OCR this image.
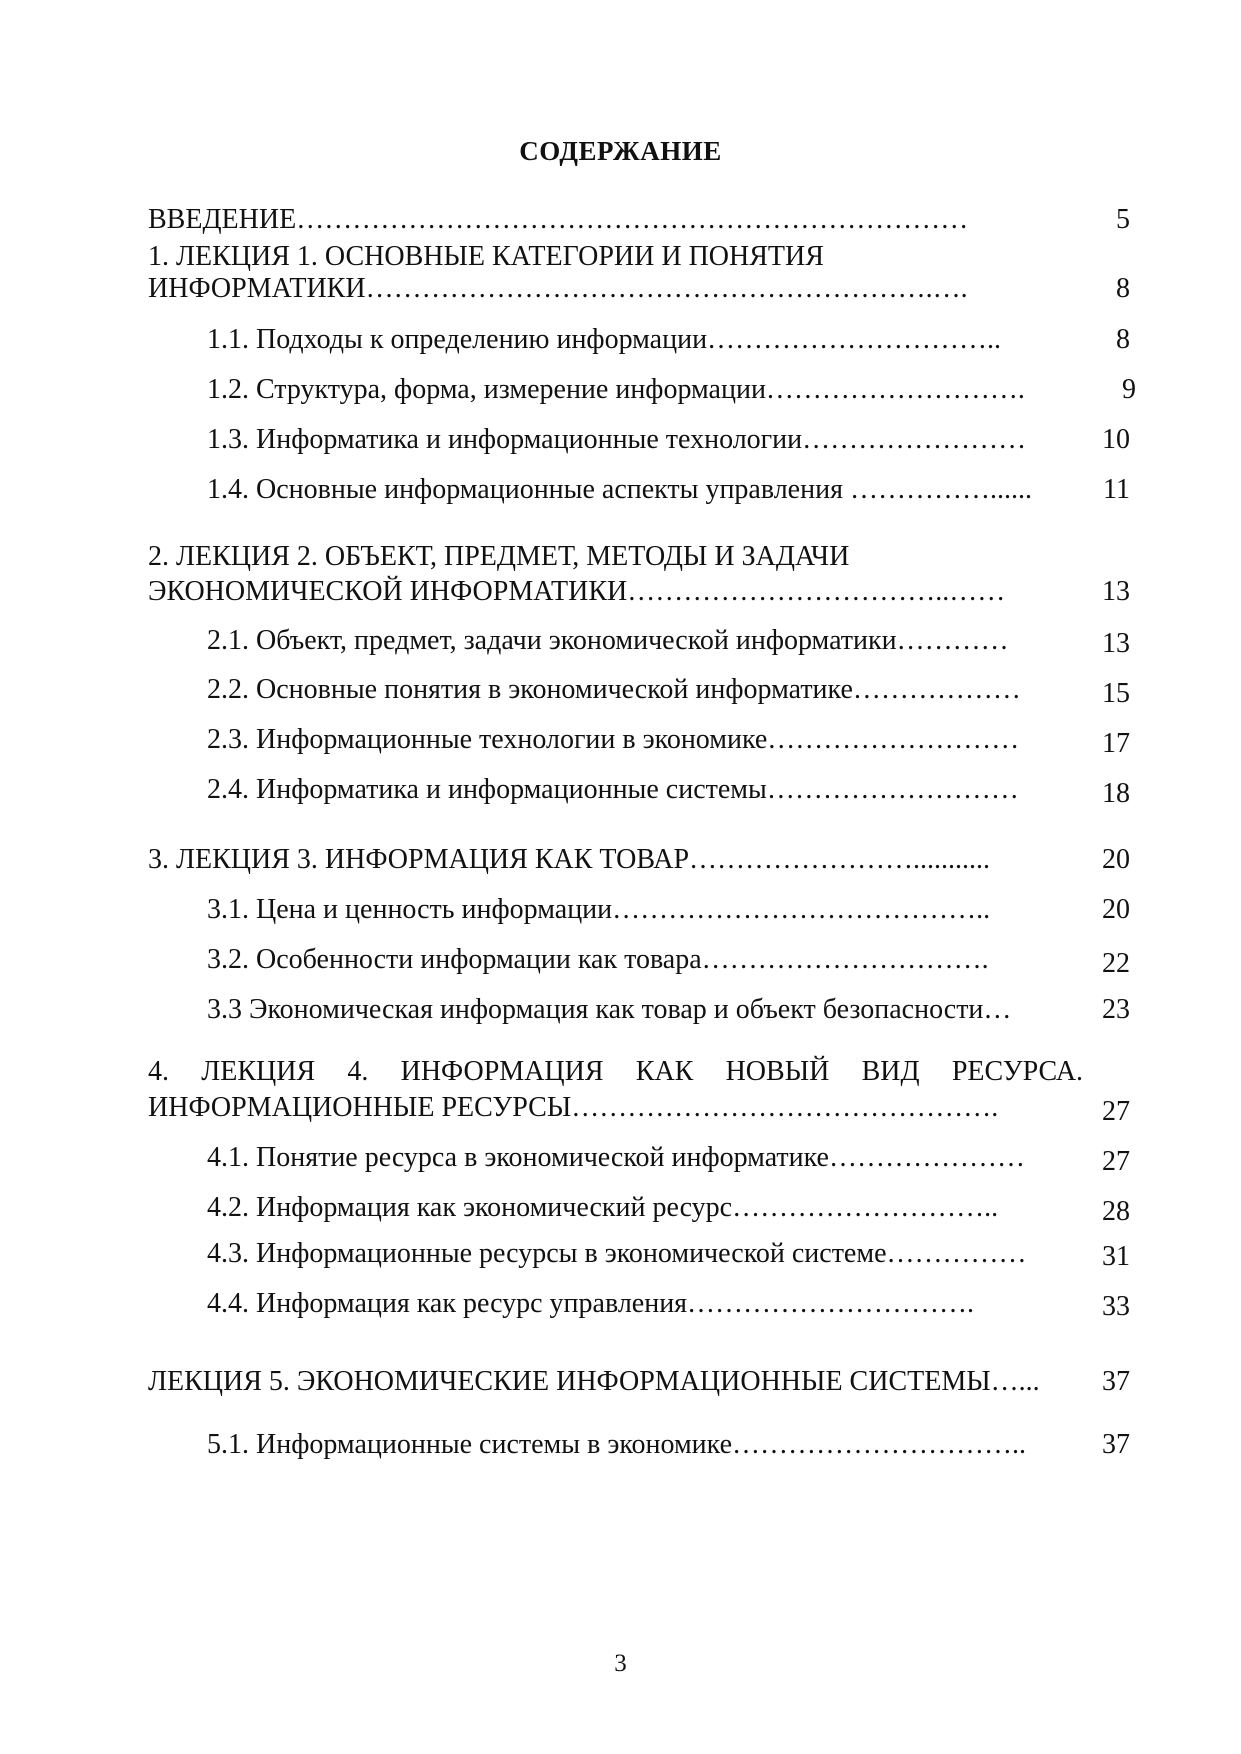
СОДЕРЖАНИЕ
ВВЕДЕНИЕ………………………………………………………………	5
1. ЛЕКЦИЯ 1. ОСНОВНЫЕ КАТЕГОРИИ И ПОНЯТИЯ
ИНФОРМАТИКИ…………………………………………………….….	8
1.1. Подходы к определению информации…………………………..	8
1.2. Структура, форма, измерение информации……………………….	9
1.3. Информатика и информационные технологии……………………	10
1.4. Основные информационные аспекты управления ……………......	11
2. ЛЕКЦИЯ 2. ОБЪЕКТ, ПРЕДМЕТ, МЕТОДЫ И ЗАДАЧИ
ЭКОНОМИЧЕСКОЙ ИНФОРМАТИКИ……………………………..……	13
2.1. Объект, предмет, задачи экономической информатики…………	13
2.2. Основные понятия в экономической информатике………………	15
2.3. Информационные технологии в экономике………………………	17
2.4. Информатика и информационные системы………………………	18
3. ЛЕКЦИЯ 3. ИНФОРМАЦИЯ КАК ТОВАР……………………...........	20
3.1. Цена и ценность информации…………………………………..	20
3.2. Особенности информации как товара………………………….	22
3.3 Экономическая информация как товар и объект безопасности…	23
4. ЛЕКЦИЯ 4. ИНФОРМАЦИЯ КАК НОВЫЙ ВИД РЕСУРСА.
ИНФОРМАЦИОННЫЕ РЕСУРСЫ……………………………………….	27
4.1. Понятие ресурса в экономической информатике…………………	27
4.2. Информация как экономический ресурс………………………..	28
4.3. Информационные ресурсы в экономической системе……………	31
4.4. Информация как ресурс управления………………………….	33
ЛЕКЦИЯ 5. ЭКОНОМИЧЕСКИЕ ИНФОРМАЦИОННЫЕ СИСТЕМЫ…...	37
5.1. Информационные системы в экономике…………………………..	37
3
